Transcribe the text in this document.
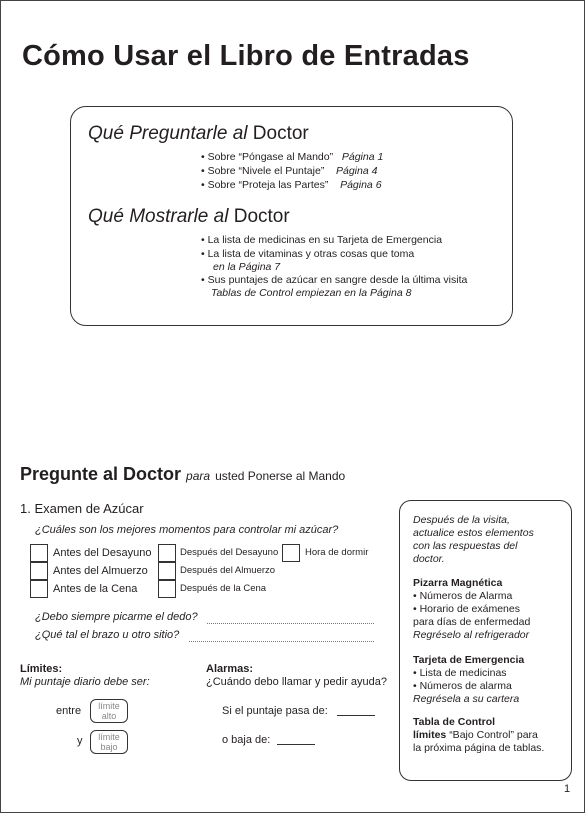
Cómo Usar el Libro de Entradas
Qué Preguntarle al Doctor
• Sobre “Póngase al Mando” Página 1
• Sobre “Nivele el Puntaje” Página 4
• Sobre “Proteja las Partes” Página 6
Qué Mostrarle al Doctor
• La lista de medicinas en su Tarjeta de Emergencia
• La lista de vitaminas y otras cosas que toma
en la Página 7
• Sus puntajes de azúcar en sangre desde la última visita
Tablas de Control empiezan en la Página 8
Pregunte al Doctor para usted Ponerse al Mando
1. Examen de Azúcar
¿Cuáles son los mejores momentos para controlar mi azúcar?
Antes del Desayuno
Antes del Almuerzo
Antes de la Cena
Después del Desayuno
Después del Almuerzo
Después de la Cena
Hora de dormir
¿Debo siempre picarme el dedo?
¿Qué tal el brazo u otro sitio?
Límites:
Mi puntaje diario debe ser:
entre límite
alto
y límite
bajo
Alarmas:
¿Cuándo debo llamar y pedir ayuda?
Si el puntaje pasa de:
o baja de:
Después de la visita,
actualice estos elementos
con las respuestas del
doctor.
Pizarra Magnética
• Números de Alarma
• Horario de exámenes
para días de enfermedad
Regréselo al refrigerador
Tarjeta de Emergencia
• Lista de medicinas
• Números de alarma
Regrésela a su cartera
Tabla de Control
límites “Bajo Control” para
la próxima página de tablas.
1
